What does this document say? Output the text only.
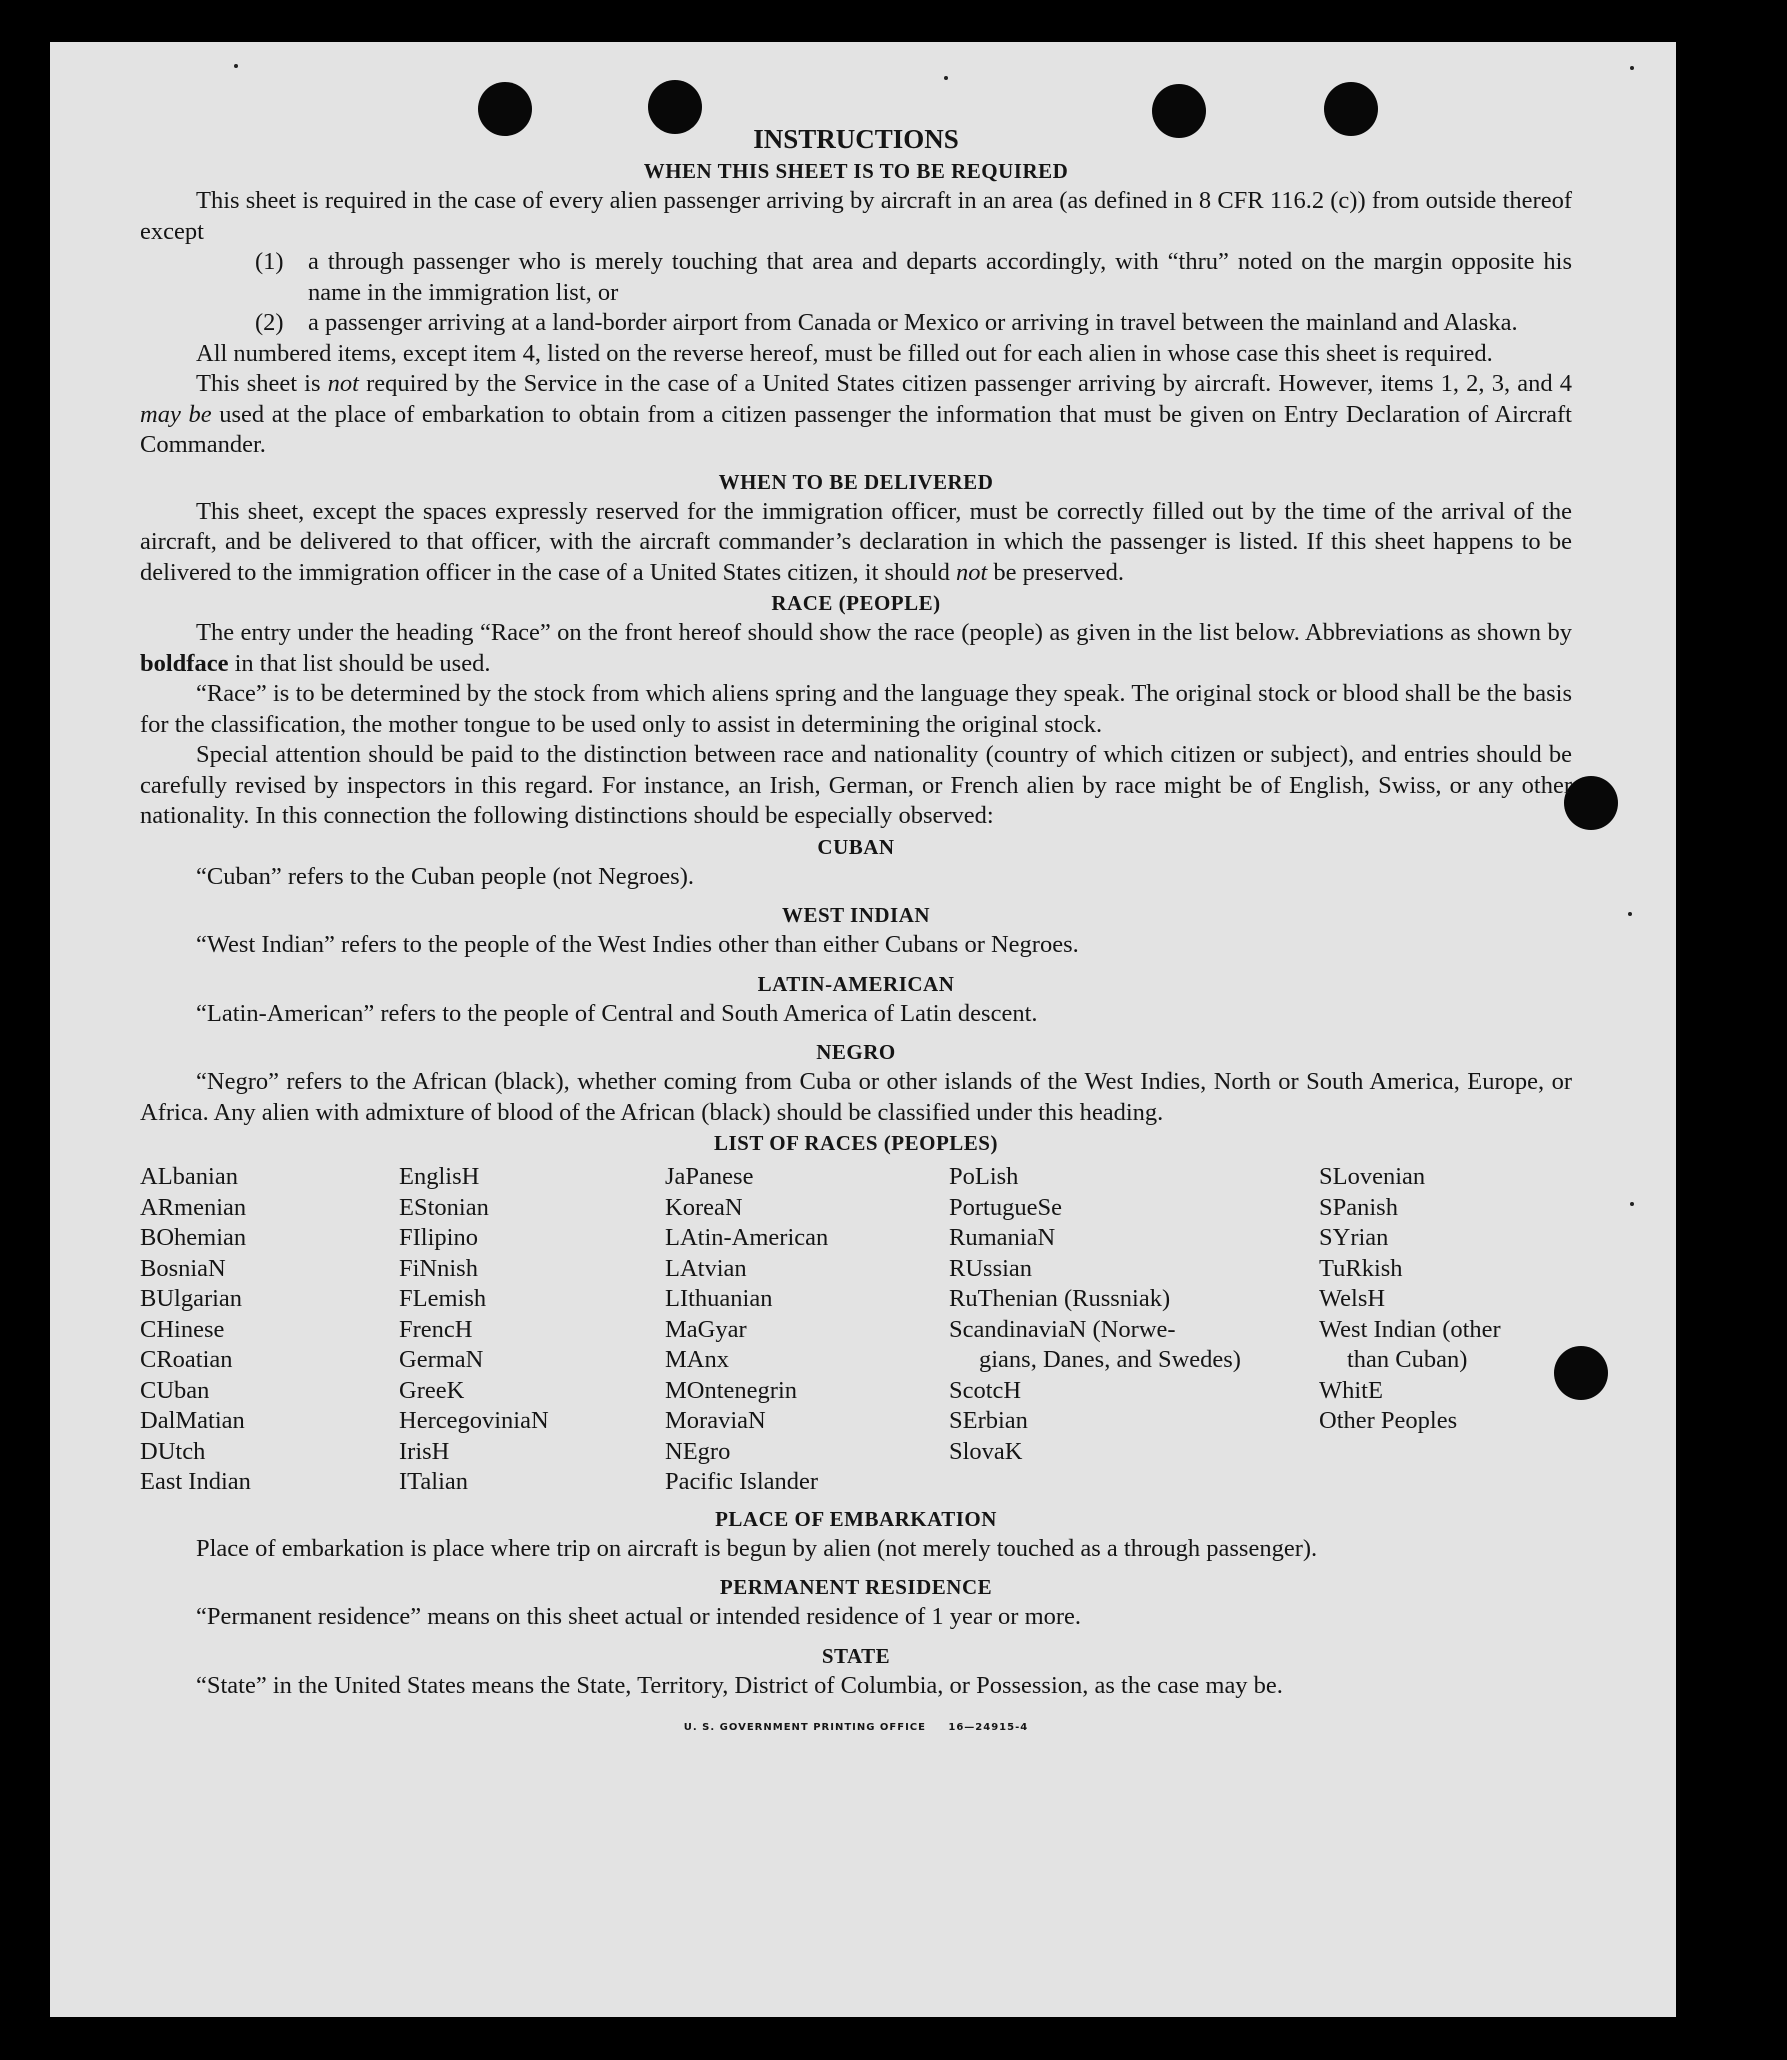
INSTRUCTIONS
WHEN THIS SHEET IS TO BE REQUIRED

This sheet is required in the case of every alien passenger arriving by aircraft in an area (as defined in 8 CFR 116.2 (c)) from outside thereof except

(1) a through passenger who is merely touching that area and departs accordingly, with “thru” noted on the margin opposite his name in the immigration list, or
(2) a passenger arriving at a land-border airport from Canada or Mexico or arriving in travel between the mainland and Alaska.

All numbered items, except item 4, listed on the reverse hereof, must be filled out for each alien in whose case this sheet is required.

This sheet is not required by the Service in the case of a United States citizen passenger arriving by aircraft. However, items 1, 2, 3, and 4 may be used at the place of embarkation to obtain from a citizen passenger the information that must be given on Entry Declaration of Aircraft Commander.

WHEN TO BE DELIVERED

This sheet, except the spaces expressly reserved for the immigration officer, must be correctly filled out by the time of the arrival of the aircraft, and be delivered to that officer, with the aircraft commander’s declaration in which the passenger is listed. If this sheet happens to be delivered to the immigration officer in the case of a United States citizen, it should not be preserved.

RACE (PEOPLE)

The entry under the heading “Race” on the front hereof should show the race (people) as given in the list below. Abbreviations as shown by boldface in that list should be used.

“Race” is to be determined by the stock from which aliens spring and the language they speak. The original stock or blood shall be the basis for the classification, the mother tongue to be used only to assist in determining the original stock.

Special attention should be paid to the distinction between race and nationality (country of which citizen or subject), and entries should be carefully revised by inspectors in this regard. For instance, an Irish, German, or French alien by race might be of English, Swiss, or any other nationality. In this connection the following distinctions should be especially observed:

CUBAN

“Cuban” refers to the Cuban people (not Negroes).

WEST INDIAN

“West Indian” refers to the people of the West Indies other than either Cubans or Negroes.

LATIN-AMERICAN

“Latin-American” refers to the people of Central and South America of Latin descent.

NEGRO

“Negro” refers to the African (black), whether coming from Cuba or other islands of the West Indies, North or South America, Europe, or Africa. Any alien with admixture of blood of the African (black) should be classified under this heading.

LIST OF RACES (PEOPLES)
ALbanian
ARmenian
BOhemian
BosniaN
BUlgarian
CHinese
CRoatian
CUban
DalMatian
DUtch
East Indian
EnglisH
EStonian
FIlipino
FiNnish
FLemish
FrencH
GermaN
GreeK
HercegoviniaN
IrisH
ITalian
JaPanese
KoreaN
LAtin-American
LAtvian
LIthuanian
MaGyar
MAnx
MOntenegrin
MoraviaN
NEgro
Pacific Islander
PoLish
PortugueSe
RumaniaN
RUssian
RuThenian (Russniak)
ScandinaviaN (Norwe-
gians, Danes, and Swedes)
ScotcH
SErbian
SlovaK
SLovenian
SPanish
SYrian
TuRkish
WelsH
West Indian (other
than Cuban)
WhitE
Other Peoples
PLACE OF EMBARKATION

Place of embarkation is place where trip on aircraft is begun by alien (not merely touched as a through passenger).

PERMANENT RESIDENCE

“Permanent residence” means on this sheet actual or intended residence of 1 year or more.

STATE

“State” in the United States means the State, Territory, District of Columbia, or Possession, as the case may be.

U. S. GOVERNMENT PRINTING OFFICE     16—24915-4
